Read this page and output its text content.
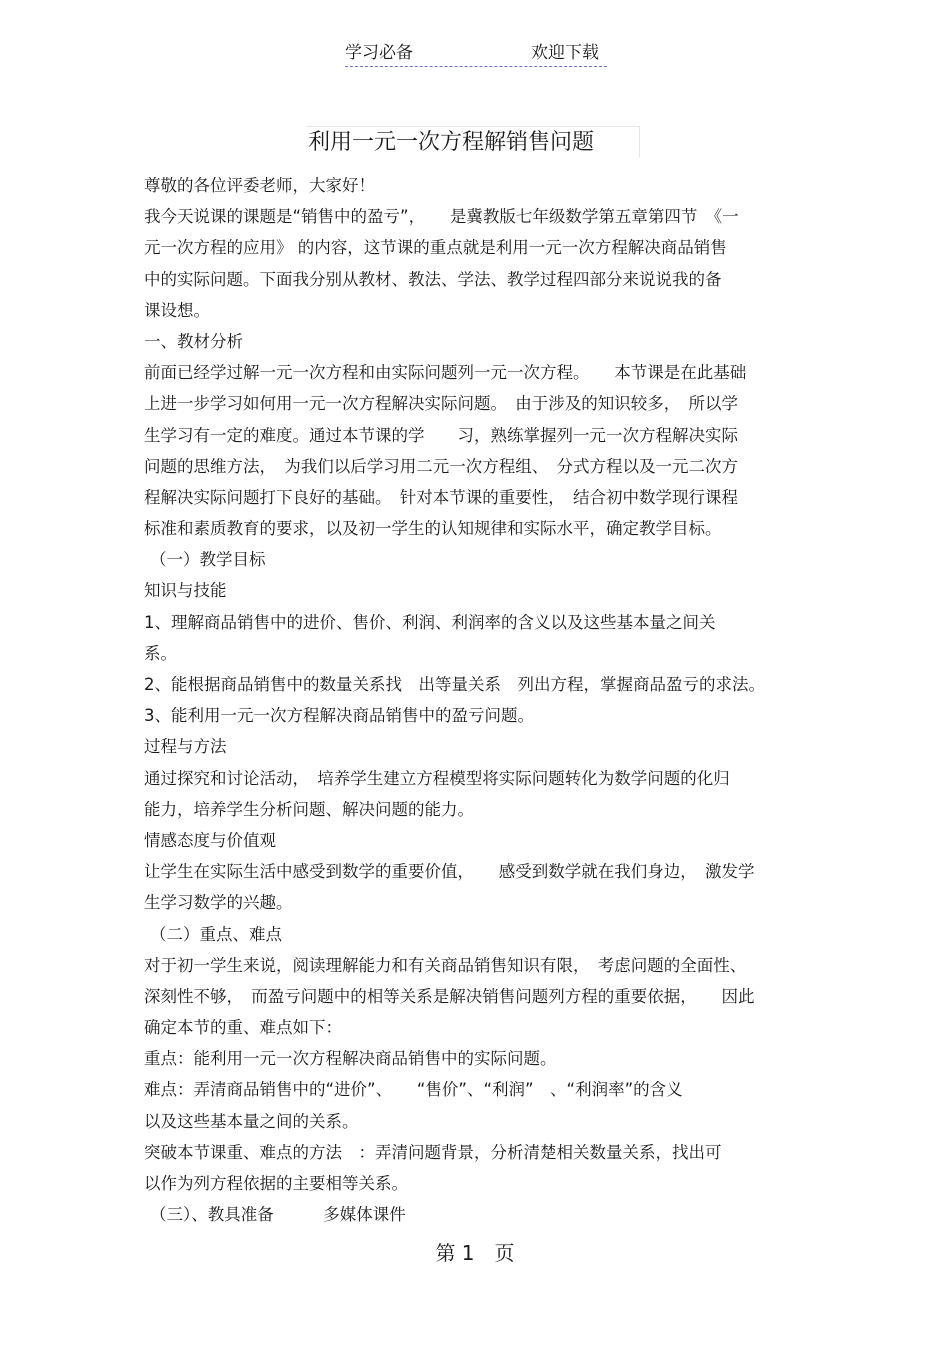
学习必备	欢迎下载
利用一元一次方程解销售问题
尊敬的各位评委老师，大家好！
我今天说课的课题是“销售中的盈亏”，　　是冀教版七年级数学第五章第四节　《一
元一次方程的应用》 的内容，这节课的重点就是利用一元一次方程解决商品销售
中的实际问题。下面我分别从教材、教法、学法、教学过程四部分来说说我的备
课设想。
一、教材分析
前面已经学过解一元一次方程和由实际问题列一元一次方程。　　本节课是在此基础
上进一步学习如何用一元一次方程解决实际问题。　由于涉及的知识较多，　所以学
生学习有一定的难度。通过本节课的学　　习，熟练掌握列一元一次方程解决实际
问题的思维方法，　为我们以后学习用二元一次方程组、　分式方程以及一元二次方
程解决实际问题打下良好的基础。　针对本节课的重要性，　结合初中数学现行课程
标准和素质教育的要求，以及初一学生的认知规律和实际水平，确定教学目标。
（一）教学目标
知识与技能
1、理解商品销售中的进价、售价、利润、利润率的含义以及这些基本量之间关
系。
2、能根据商品销售中的数量关系找　出等量关系　列出方程，掌握商品盈亏的求法。
3、能利用一元一次方程解决商品销售中的盈亏问题。
过程与方法
通过探究和讨论活动，　培养学生建立方程模型将实际问题转化为数学问题的化归
能力，培养学生分析问题、解决问题的能力。
情感态度与价值观
让学生在实际生活中感受到数学的重要价值，　　感受到数学就在我们身边，　激发学
生学习数学的兴趣。
（二）重点、难点
对于初一学生来说，阅读理解能力和有关商品销售知识有限，　考虑问题的全面性、
深刻性不够，　而盈亏问题中的相等关系是解决销售问题列方程的重要依据，　　因此
确定本节的重、难点如下：
重点：能利用一元一次方程解决商品销售中的实际问题。
难点：弄清商品销售中的“进价”、　　“售价”、“利润”　、“利润率”的含义
以及这些基本量之间的关系。
突破本节课重、难点的方法　：弄清问题背景，分析清楚相关数量关系，找出可
以作为列方程依据的主要相等关系。
（三）、教具准备　　　多媒体课件
第 1　页
